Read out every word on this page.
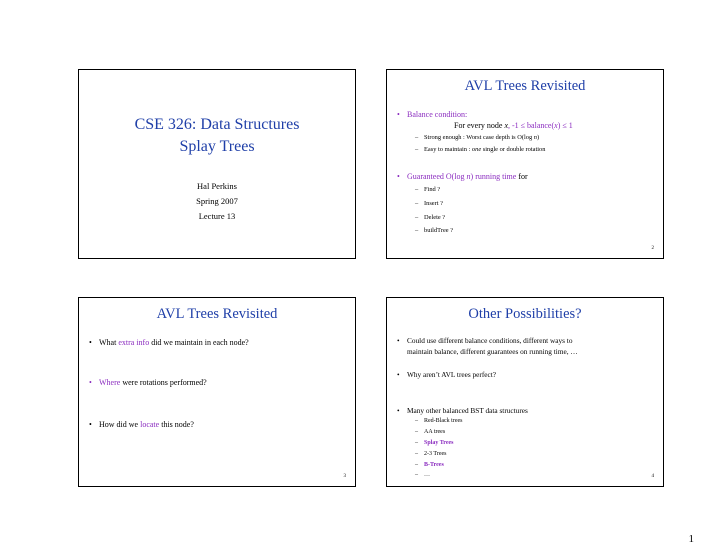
CSE 326: Data Structures
Splay Trees
Hal Perkins
Spring 2007
Lecture 13
AVL Trees Revisited
• Balance condition:
For every node x, -1 ≤ balance(x) ≤ 1
– Strong enough : Worst case depth is O(log n)
– Easy to maintain : one single or double rotation
• Guaranteed O(log n) running time for
– Find ?
– Insert ?
– Delete ?
– buildTree ?
2
AVL Trees Revisited
• What extra info did we maintain in each node?
• Where were rotations performed?
• How did we locate this node?
3
Other Possibilities?
• Could use different balance conditions, different ways to
maintain balance, different guarantees on running time, …
• Why aren’t AVL trees perfect?
• Many other balanced BST data structures
– Red-Black trees
– AA trees
– Splay Trees
– 2-3 Trees
– B-Trees
– …	4
1
